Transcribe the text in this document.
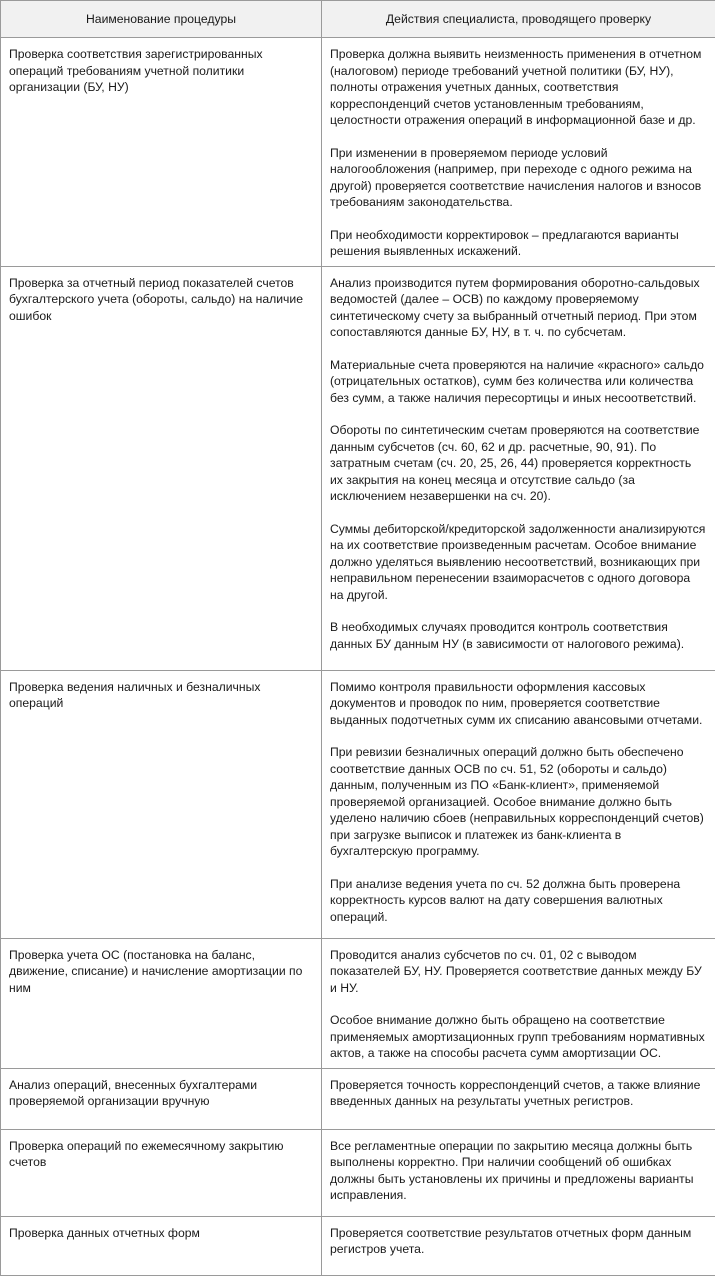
Наименование процедуры	Действия специалиста, проводящего проверку
Проверка соответствия зарегистрированных операций требованиям учетной политики организации (БУ, НУ)	Проверка должна выявить неизменность применения в отчетном (налоговом) периоде требований учетной политики (БУ, НУ), полноты отражения учетных данных, соответствия корреспонденций счетов установленным требованиям, целостности отражения операций в информационной базе и др.

При изменении в проверяемом периоде условий налогообложения (например, при переходе с одного режима на другой) проверяется соответствие начисления налогов и взносов требованиям законодательства.

При необходимости корректировок – предлагаются варианты решения выявленных искажений.

Проверка за отчетный период показателей счетов бухгалтерского учета (обороты, сальдо) на наличие ошибок	Анализ производится путем формирования оборотно-сальдовых ведомостей (далее – ОСВ) по каждому проверяемому синтетическому счету за выбранный отчетный период. При этом сопоставляются данные БУ, НУ, в т. ч. по субсчетам.

Материальные счета проверяются на наличие «красного» сальдо (отрицательных остатков), сумм без количества или количества без сумм, а также наличия пересортицы и иных несоответствий.

Обороты по синтетическим счетам проверяются на соответствие данным субсчетов (сч. 60, 62 и др. расчетные, 90, 91). По затратным счетам (сч. 20, 25, 26, 44) проверяется корректность их закрытия на конец месяца и отсутствие сальдо (за исключением незавершенки на сч. 20).

Суммы дебиторской/кредиторской задолженности анализируются на их соответствие произведенным расчетам. Особое внимание должно уделяться выявлению несоответствий, возникающих при неправильном перенесении взаиморасчетов с одного договора на другой.

В необходимых случаях проводится контроль соответствия данных БУ данным НУ (в зависимости от налогового режима).

Проверка ведения наличных и безналичных операций	Помимо контроля правильности оформления кассовых документов и проводок по ним, проверяется соответствие выданных подотчетных сумм их списанию авансовыми отчетами.

При ревизии безналичных операций должно быть обеспечено соответствие данных ОСВ по сч. 51, 52 (обороты и сальдо) данным, полученным из ПО «Банк-клиент», применяемой проверяемой организацией. Особое внимание должно быть уделено наличию сбоев (неправильных корреспонденций счетов) при загрузке выписок и платежек из банк-клиента в бухгалтерскую программу.

При анализе ведения учета по сч. 52 должна быть проверена корректность курсов валют на дату совершения валютных операций.

Проверка учета ОС (постановка на баланс, движение, списание) и начисление амортизации по ним	Проводится анализ субсчетов по сч. 01, 02 с выводом показателей БУ, НУ. Проверяется соответствие данных между БУ и НУ.

Особое внимание должно быть обращено на соответствие применяемых амортизационных групп требованиям нормативных актов, а также на способы расчета сумм амортизации ОС.

Анализ операций, внесенных бухгалтерами проверяемой организации вручную	Проверяется точность корреспонденций счетов, а также влияние введенных данных на результаты учетных регистров.

Проверка операций по ежемесячному закрытию счетов	Все регламентные операции по закрытию месяца должны быть выполнены корректно. При наличии сообщений об ошибках должны быть установлены их причины и предложены варианты исправления.

Проверка данных отчетных форм	Проверяется соответствие результатов отчетных форм данным регистров учета.
